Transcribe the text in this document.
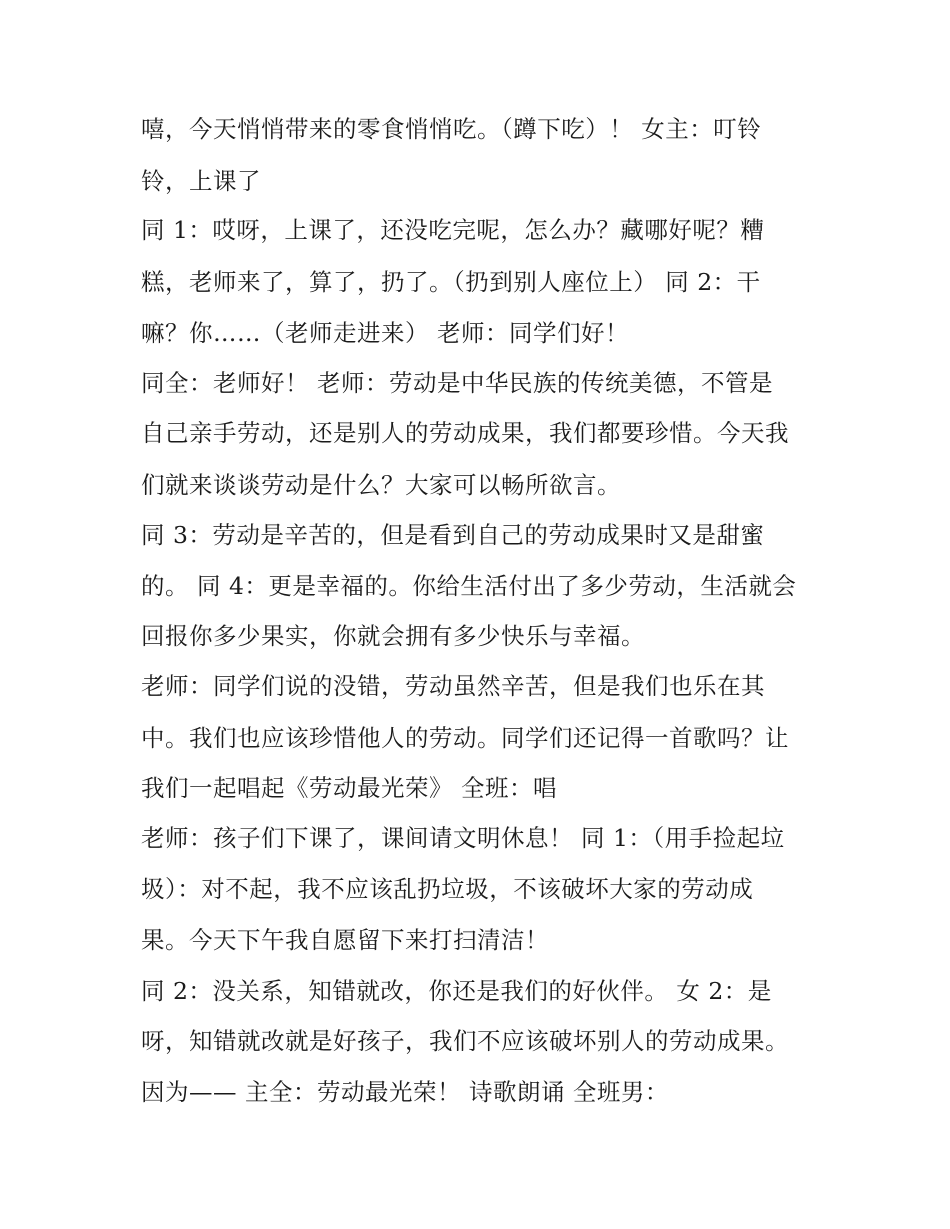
嘻，今天悄悄带来的零食悄悄吃。（蹲下吃）！ 女主：叮铃
铃，上课了
同 1：哎呀，上课了，还没吃完呢，怎么办？藏哪好呢？糟
糕，老师来了，算了，扔了。（扔到别人座位上） 同 2：干
嘛？你……（老师走进来） 老师：同学们好！
同全：老师好！ 老师：劳动是中华民族的传统美德，不管是
自己亲手劳动，还是别人的劳动成果，我们都要珍惜。今天我
们就来谈谈劳动是什么？大家可以畅所欲言。
同 3：劳动是辛苦的，但是看到自己的劳动成果时又是甜蜜
的。 同 4：更是幸福的。你给生活付出了多少劳动，生活就会
回报你多少果实，你就会拥有多少快乐与幸福。
老师：同学们说的没错，劳动虽然辛苦，但是我们也乐在其
中。我们也应该珍惜他人的劳动。同学们还记得一首歌吗？让
我们一起唱起《劳动最光荣》 全班：唱
老师：孩子们下课了，课间请文明休息！ 同 1：（用手捡起垃
圾）：对不起，我不应该乱扔垃圾，不该破坏大家的劳动成
果。今天下午我自愿留下来打扫清洁！
同 2：没关系，知错就改，你还是我们的好伙伴。 女 2：是
呀，知错就改就是好孩子，我们不应该破坏别人的劳动成果。
因为—— 主全：劳动最光荣！ 诗歌朗诵 全班男：
